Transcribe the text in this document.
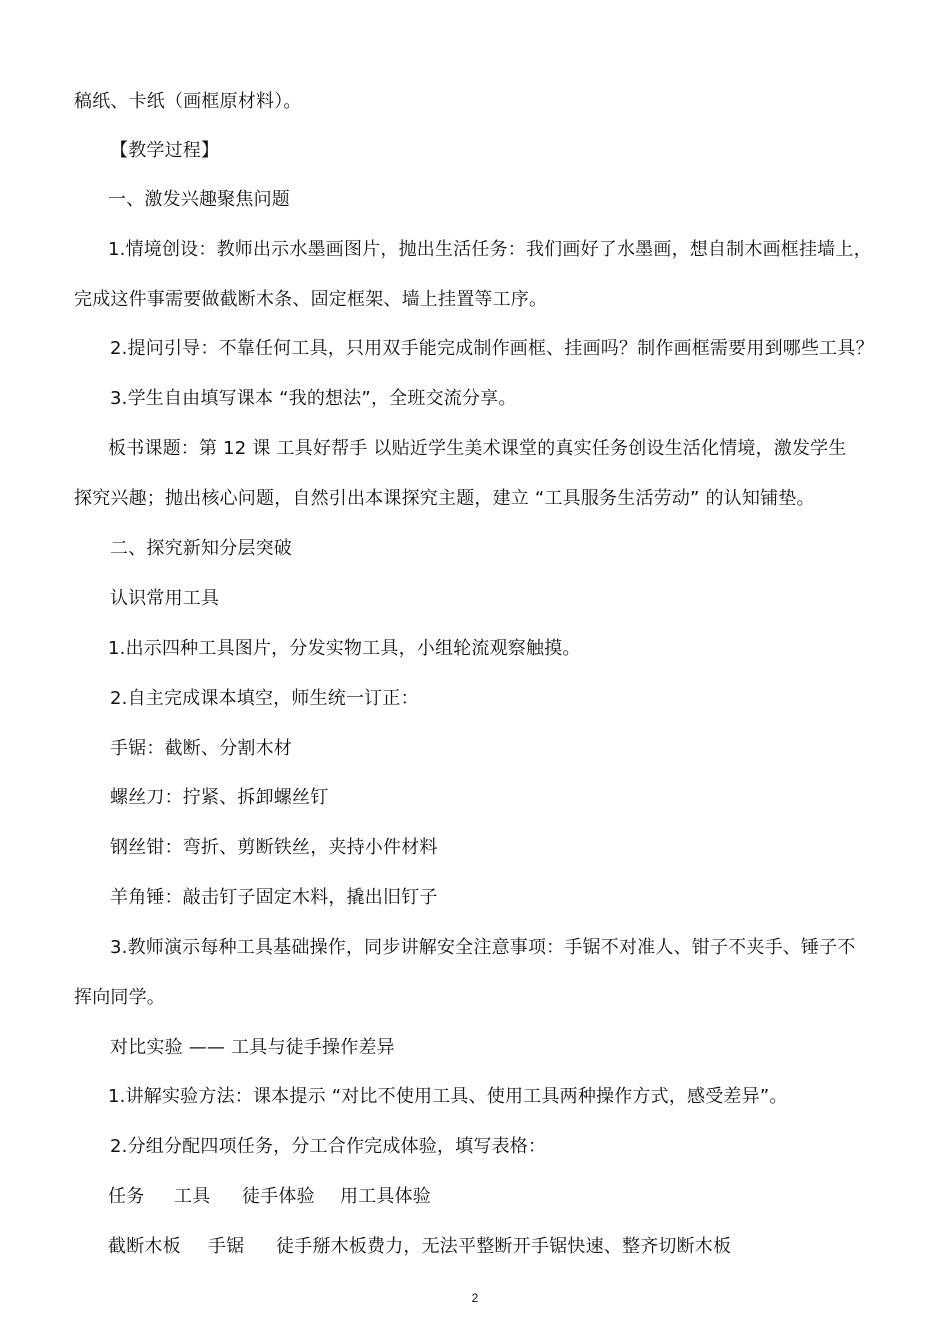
稿纸、卡纸（画框原材料）。
【教学过程】
一、激发兴趣聚焦问题
1.情境创设：教师出示水墨画图片，抛出生活任务：我们画好了水墨画，想自制木画框挂墙上，
完成这件事需要做截断木条、固定框架、墙上挂置等工序。
2.提问引导：不靠任何工具，只用双手能完成制作画框、挂画吗？制作画框需要用到哪些工具？
3.学生自由填写课本 “我的想法”，全班交流分享。
板书课题：第 12 课 工具好帮手 以贴近学生美术课堂的真实任务创设生活化情境，激发学生
探究兴趣；抛出核心问题，自然引出本课探究主题，建立 “工具服务生活劳动” 的认知铺垫。
二、探究新知分层突破
认识常用工具
1.出示四种工具图片，分发实物工具，小组轮流观察触摸。
2.自主完成课本填空，师生统一订正：
手锯：截断、分割木材
螺丝刀：拧紧、拆卸螺丝钉
钢丝钳：弯折、剪断铁丝，夹持小件材料
羊角锤：敲击钉子固定木料，撬出旧钉子
3.教师演示每种工具基础操作，同步讲解安全注意事项：手锯不对准人、钳子不夹手、锤子不
挥向同学。
对比实验 —— 工具与徒手操作差异
1.讲解实验方法：课本提示 “对比不使用工具、使用工具两种操作方式，感受差异”。
2.分组分配四项任务，分工合作完成体验，填写表格：
任务 工具 徒手体验 用工具体验
截断木板 手锯 徒手掰木板费力，无法平整断开 手锯快速、整齐切断木板
2
